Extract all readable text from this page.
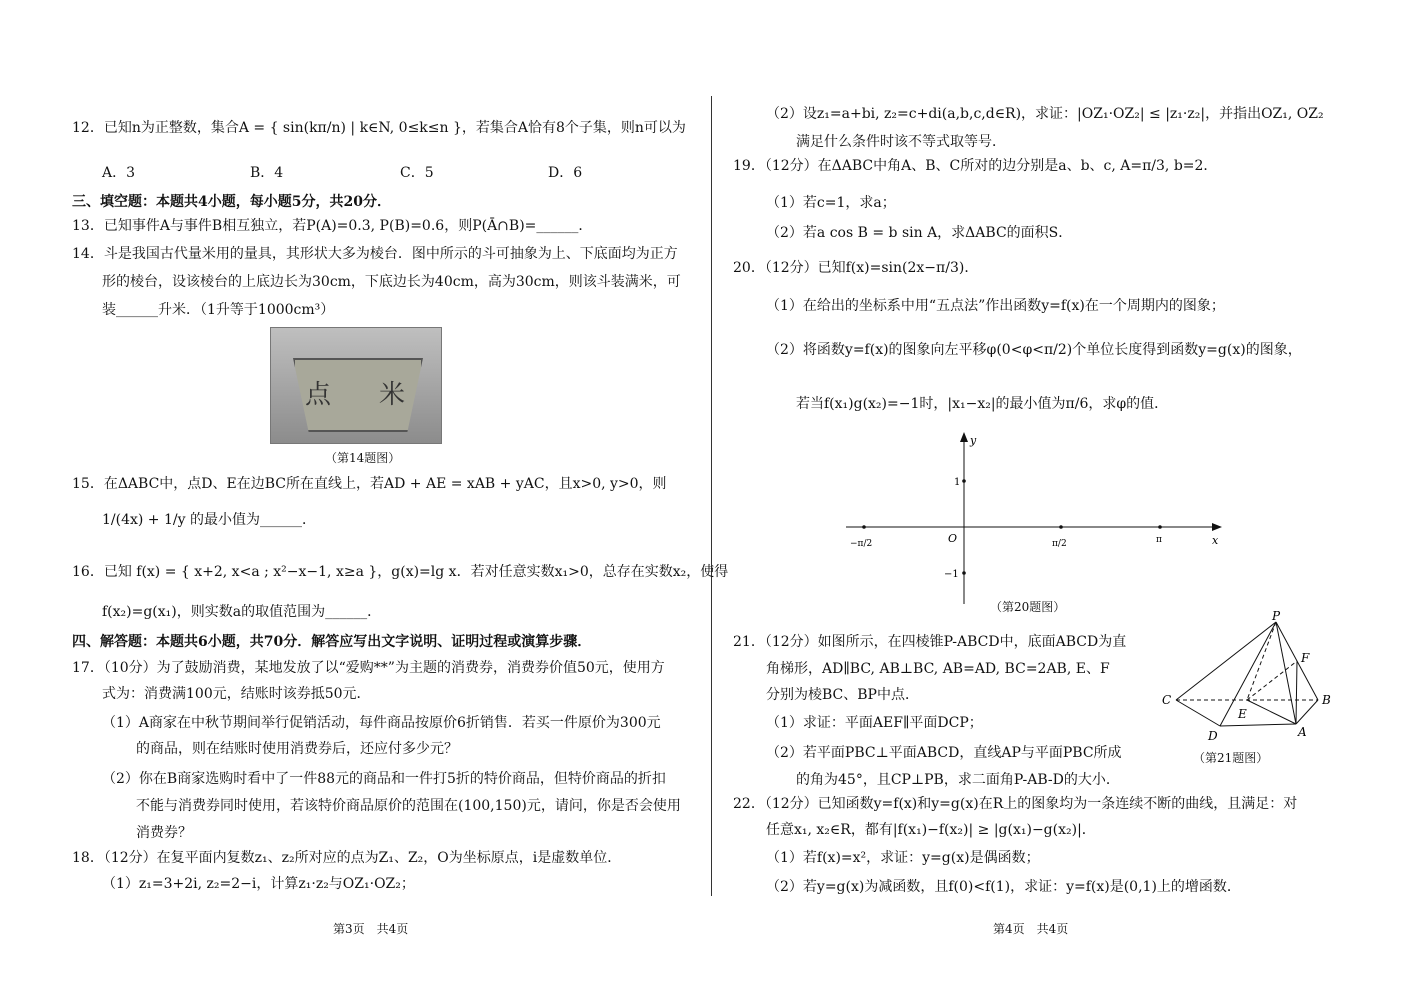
12．已知n为正整数，集合A = { sin(kπ/n) | k∈N, 0≤k≤n }，若集合A恰有8个子集，则n可以为
A．3	B．4	C．5	D．6
三、填空题：本题共4小题，每小题5分，共20分．
13．已知事件A与事件B相互独立，若P(A)=0.3, P(B)=0.6，则P(Ā∩B)=______．
14．斗是我国古代量米用的量具，其形状大多为棱台．图中所示的斗可抽象为上、下底面均为正方
形的棱台，设该棱台的上底边长为30cm，下底边长为40cm，高为30cm，则该斗装满米，可
装______升米．（1升等于1000cm³）
点 米
（第14题图）
15．在ΔABC中，点D、E在边BC所在直线上，若AD + AE = xAB + yAC，且x>0, y>0，则
1/(4x) + 1/y 的最小值为______．
16．已知 f(x) = { x+2, x<a ; x²−x−1, x≥a }，g(x)=lg x．若对任意实数x₁>0，总存在实数x₂，使得
f(x₂)=g(x₁)，则实数a的取值范围为______．
四、解答题：本题共6小题，共70分．解答应写出文字说明、证明过程或演算步骤．
17．（10分）为了鼓励消费，某地发放了以“爱购**”为主题的消费券，消费券价值50元，使用方
式为：消费满100元，结账时该券抵50元．
（1）A商家在中秋节期间举行促销活动，每件商品按原价6折销售．若买一件原价为300元
的商品，则在结账时使用消费券后，还应付多少元？
（2）你在B商家选购时看中了一件88元的商品和一件打5折的特价商品，但特价商品的折扣
不能与消费券同时使用，若该特价商品原价的范围在(100,150)元，请问，你是否会使用
消费券？
18．（12分）在复平面内复数z₁、z₂所对应的点为Z₁、Z₂，O为坐标原点，i是虚数单位．
（1）z₁=3+2i, z₂=2−i，计算z₁·z₂与OZ₁·OZ₂；
第3页　共4页
（2）设z₁=a+bi, z₂=c+di(a,b,c,d∈R)，求证：|OZ₁·OZ₂| ≤ |z₁·z₂|，并指出OZ₁, OZ₂
满足什么条件时该不等式取等号．
19．（12分）在ΔABC中角A、B、C所对的边分别是a、b、c, A=π/3, b=2．
（1）若c=1，求a；
（2）若a cos B = b sin A，求ΔABC的面积S．
20．（12分）已知f(x)=sin(2x−π/3)．
（1）在给出的坐标系中用“五点法”作出函数y=f(x)在一个周期内的图象；
（2）将函数y=f(x)的图象向左平移φ(0<φ<π/2)个单位长度得到函数y=g(x)的图象，
若当f(x₁)g(x₂)=−1时，|x₁−x₂|的最小值为π/6，求φ的值．
y
x
O
1
−1
−π/2	π/2	π
（第20题图）
21．（12分）如图所示，在四棱锥P-ABCD中，底面ABCD为直
角梯形，AD∥BC, AB⊥BC, AB=AD, BC=2AB, E、F
分别为棱BC、BP中点．
（1）求证：平面AEF∥平面DCP；
（2）若平面PBC⊥平面ABCD，直线AP与平面PBC所成
的角为45°，且CP⊥PB，求二面角P-AB-D的大小．
P
F
C	B
E
D	A
（第21题图）
22．（12分）已知函数y=f(x)和y=g(x)在R上的图象均为一条连续不断的曲线，且满足：对
任意x₁, x₂∈R，都有|f(x₁)−f(x₂)| ≥ |g(x₁)−g(x₂)|．
（1）若f(x)=x²，求证：y=g(x)是偶函数；
（2）若y=g(x)为减函数，且f(0)<f(1)，求证：y=f(x)是(0,1)上的增函数．
第4页　共4页
